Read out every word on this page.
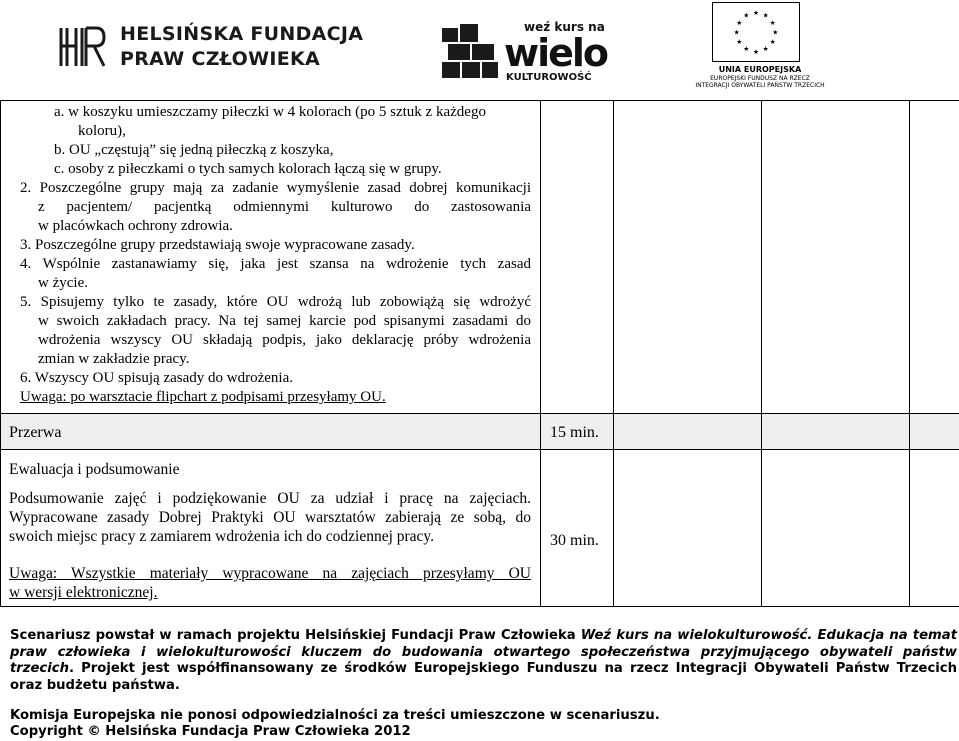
HELSIŃSKA FUNDACJA
PRAW CZŁOWIEKA
weź kurs na
wielo
KULTUROWOŚĆ
★ ★
★
★
★
★
★
★
★
★
★
★
UNIA EUROPEJSKA
EUROPEJSKI FUNDUSZ NA RZECZ
INTEGRACJI OBYWATELI PAŃSTW TRZECICH
a. w koszyku umieszczamy piłeczki w 4 kolorach (po 5 sztuk z każdego
koloru),
b. OU „częstują” się jedną piłeczką z koszyka,
c. osoby z piłeczkami o tych samych kolorach łączą się w grupy.
2. Poszczególne grupy mają za zadanie wymyślenie zasad dobrej komunikacji
z pacjentem/ pacjentką odmiennymi kulturowo do zastosowania
w placówkach ochrony zdrowia.
3. Poszczególne grupy przedstawiają swoje wypracowane zasady.
4. Wspólnie zastanawiamy się, jaka jest szansa na wdrożenie tych zasad
w życie.
5. Spisujemy tylko te zasady, które OU wdrożą lub zobowiążą się wdrożyć
w swoich zakładach pracy. Na tej samej karcie pod spisanymi zasadami do
wdrożenia wszyscy OU składają podpis, jako deklarację próby wdrożenia
zmian w zakładzie pracy.
6. Wszyscy OU spisują zasady do wdrożenia.
Uwaga: po warsztacie flipchart z podpisami przesyłamy OU.
Przerwa	15 min.
Ewaluacja i podsumowanie
Podsumowanie zajęć i podziękowanie OU za udział i pracę na zajęciach.
Wypracowane zasady Dobrej Praktyki OU warsztatów zabierają ze sobą, do
swoich miejsc pracy z zamiarem wdrożenia ich do codziennej pracy.
Uwaga: Wszystkie materiały wypracowane na zajęciach przesyłamy OU
w wersji elektronicznej.
30 min.
Scenariusz powstał w ramach projektu Helsińskiej Fundacji Praw Człowieka Weź kurs na wielokulturowość. Edukacja na temat praw człowieka i wielokulturowości kluczem do budowania otwartego społeczeństwa przyjmującego obywateli państw trzecich. Projekt jest współfinansowany ze środków Europejskiego Funduszu na rzecz Integracji Obywateli Państw Trzecich oraz budżetu państwa.
Komisja Europejska nie ponosi odpowiedzialności za treści umieszczone w scenariuszu.
Copyright © Helsińska Fundacja Praw Człowieka 2012
